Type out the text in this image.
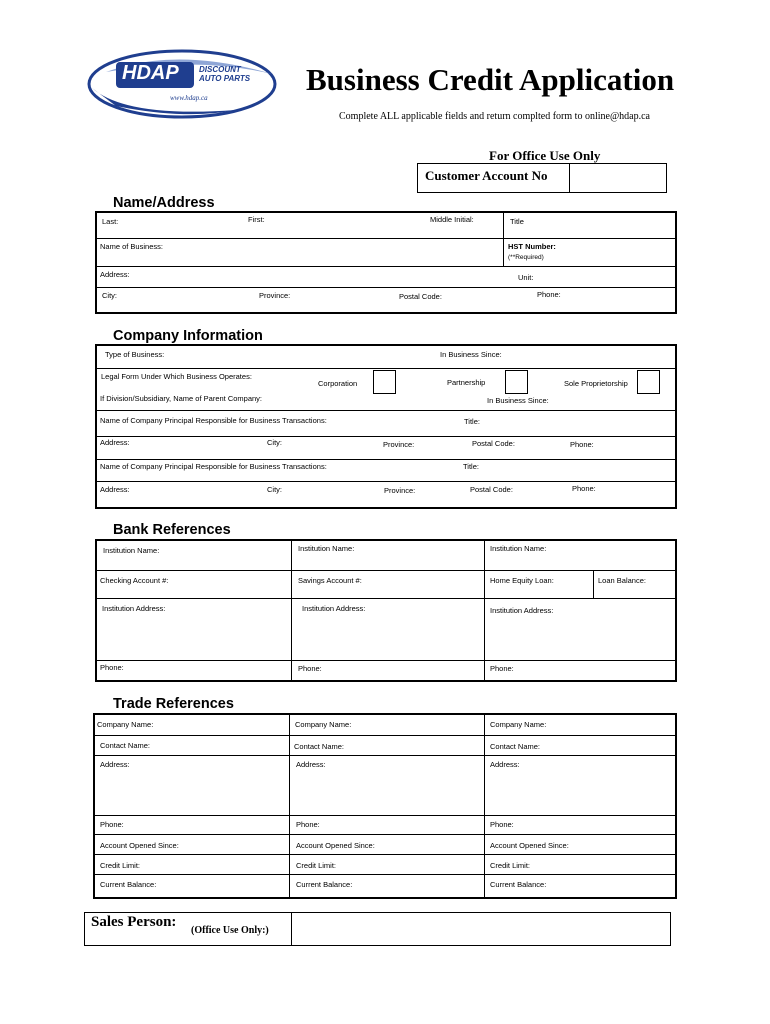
HDAP	DISCOUNT
AUTO PARTS
www.hdap.ca
Business Credit Application
Complete ALL applicable fields and return complted form to online@hdap.ca
For Office Use Only
Customer Account No
Name/Address
Last:	First:	Middle Initial:	Title
Name of Business:	HST Number:
(**Required)
Address:	Unit:
City:	Province:	Postal Code:	Phone:
Company Information
Type of Business:	In Business Since:
Legal Form Under Which Business Operates:
Corporation	Partnership	Sole Proprietorship
If Division/Subsidiary, Name of Parent Company:	In Business Since:
Name of Company Principal Responsible for Business Transactions:	Title:
Address:	City:	Province:	Postal Code:	Phone:
Name of Company Principal Responsible for Business Transactions:	Title:
Address:	City:	Province:	Postal Code:	Phone:
Bank References
Institution Name:	Institution Name:	Institution Name:
Checking Account #:	Savings Account #:	Home Equity Loan:	Loan Balance:
Institution Address:	Institution Address:	Institution Address:
Phone:	Phone:	Phone:
Trade References
Company Name:	Company Name:	Company Name:
Contact Name:	Contact Name:	Contact Name:
Address:	Address:	Address:
Phone:	Phone:	Phone:
Account Opened Since:	Account Opened Since:	Account Opened Since:
Credit Limit:	Credit Limit:	Credit Limit:
Current Balance:	Current Balance:	Current Balance:
Sales Person:
(Office Use Only:)
